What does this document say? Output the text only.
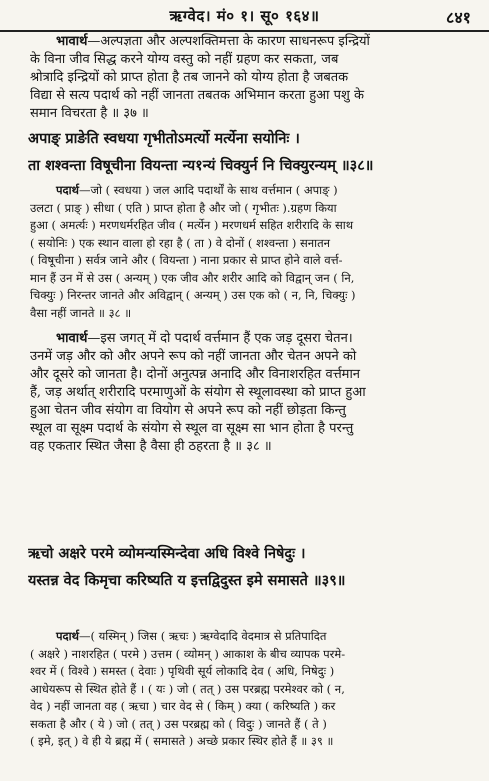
ऋग्वेद। मं० १। सू० १६४॥	८४१
भावार्थ—अल्पज्ञता और अल्पशक्तिमत्ता के कारण साधनरूप इन्द्रियों
के विना जीव सिद्ध करने योग्य वस्तु को नहीं ग्रहण कर सकता, जब
श्रोत्रादि इन्द्रियों को प्राप्त होता है तब जानने को योग्य होता है जबतक
विद्या से सत्य पदार्थ को नहीं जानता तबतक अभिमान करता हुआ पशु के
समान विचरता है ॥ ३७ ॥
अपाङ् प्राङेति स्वधया गृभीतोऽमर्त्यो मर्त्येना सयोनिः ।
ता शश्वन्ता विषूचीना वियन्ता न्य१न्यं चिक्युर्न नि चिक्युरन्यम् ॥३८॥
पदार्थ—जो ( स्वधया ) जल आदि पदार्थों के साथ वर्त्तमान ( अपाङ् )
उलटा ( प्राङ् ) सीधा ( एति ) प्राप्त होता है और जो ( गृभीतः ).ग्रहण किया
हुआ ( अमर्त्यः ) मरणधर्मरहित जीव ( मर्त्येन ) मरणधर्म सहित शरीरादि के साथ
( सयोनिः ) एक स्थान वाला हो रहा है ( ता ) वे दोनों ( शश्वन्ता ) सनातन
( विषूचीना ) सर्वत्र जाने और ( वियन्ता ) नाना प्रकार से प्राप्त होने वाले वर्त्त-
मान हैं उन में से उस ( अन्यम् ) एक जीव और शरीर आदि को विद्वान् जन ( नि,
चिक्युः ) निरन्तर जानते और अविद्वान् ( अन्यम् ) उस एक को ( न, नि, चिक्युः )
वैसा नहीं जानते ॥ ३८ ॥
भावार्थ—इस जगत् में दो पदार्थ वर्त्तमान हैं एक जड़ दूसरा चेतन।
उनमें जड़ और को और अपने रूप को नहीं जानता और चेतन अपने को
और दूसरे को जानता है। दोनों अनुत्पन्न अनादि और विनाशरहित वर्त्तमान
हैं, जड़ अर्थात् शरीरादि परमाणुओं के संयोग से स्थूलावस्था को प्राप्त हुआ
हुआ चेतन जीव संयोग वा वियोग से अपने रूप को नहीं छोड़ता किन्तु
स्थूल वा सूक्ष्म पदार्थ के संयोग से स्थूल वा सूक्ष्म सा भान होता है परन्तु
वह एकतार स्थित जैसा है वैसा ही ठहरता है ॥ ३८ ॥
ऋचो अक्षरे परमे व्योमन्यस्मिन्देवा अधि विश्वे निषेदुः ।
यस्तन्न वेद किमृचा करिष्यति य इत्तद्विदुस्त इमे समासते ॥३९॥
पदार्थ—( यस्मिन् ) जिस ( ऋचः ) ऋग्वेदादि वेदमात्र से प्रतिपादित
( अक्षरे ) नाशरहित ( परमे ) उत्तम ( व्योमन् ) आकाश के बीच व्यापक परमे-
श्वर में ( विश्वे ) समस्त ( देवाः ) पृथिवी सूर्य लोकादि देव ( अधि, निषेदुः )
आधेयरूप से स्थित होते हैं । ( यः ) जो ( तत् ) उस परब्रह्म परमेश्वर को ( न,
वेद ) नहीं जानता वह ( ऋचा ) चार वेद से ( किम् ) क्या ( करिष्यति ) कर
सकता है और ( ये ) जो ( तत् ) उस परब्रह्म को ( विदुः ) जानते हैं ( ते )
( इमे, इत् ) वे ही ये ब्रह्म में ( समासते ) अच्छे प्रकार स्थिर होते हैं ॥ ३९ ॥
